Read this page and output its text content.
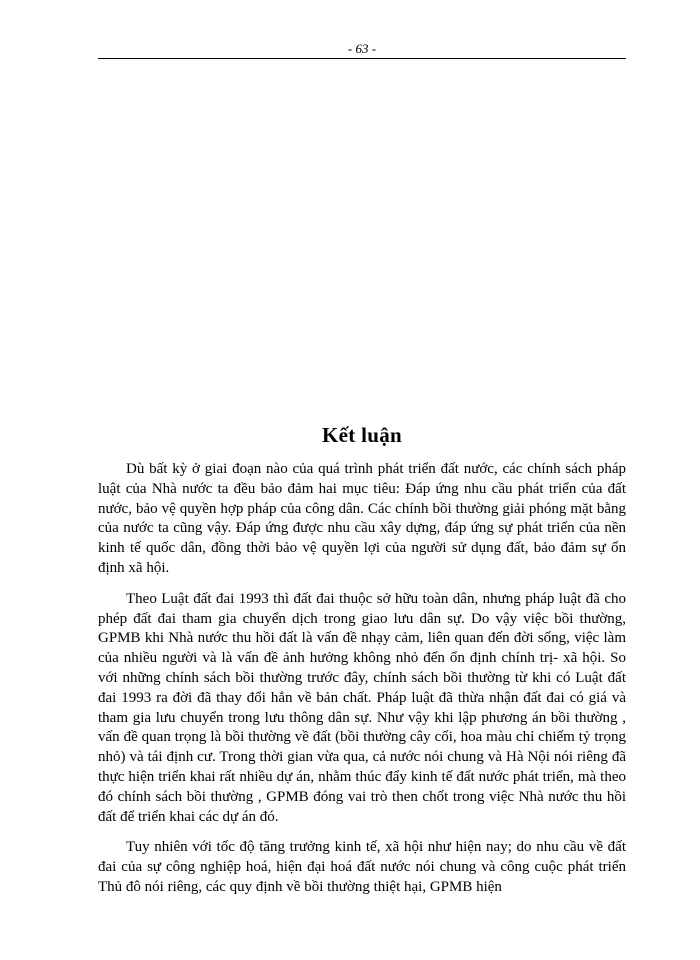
- 63 -
Kết luận

Dù bất kỳ ở giai đoạn nào của quá trình phát triển đất nước, các chính sách pháp luật của Nhà nước ta đều bảo đảm hai mục tiêu: Đáp ứng nhu cầu phát triển của đất nước, bảo vệ quyền hợp pháp của công dân. Các chính bồi thường giải phóng mặt bằng của nước ta cũng vậy. Đáp ứng được nhu cầu xây dựng, đáp ứng sự phát triển của nền kinh tế quốc dân, đồng thời bảo vệ quyền lợi của người sử dụng đất, bảo đảm sự ổn định xã hội.

Theo Luật đất đai 1993 thì đất đai thuộc sở hữu toàn dân, nhưng pháp luật đã cho phép đất đai tham gia chuyển dịch trong giao lưu dân sự. Do vậy việc bồi thường, GPMB khi Nhà nước thu hồi đất là vấn đề nhạy cảm, liên quan đến đời sống, việc làm của nhiều người và là vấn đề ảnh hưởng không nhỏ đến ổn định chính trị- xã hội. So với những chính sách bồi thường trước đây, chính sách bồi thường từ khi có Luật đất đai 1993 ra đời đã thay đổi hẳn về bản chất. Pháp luật đã thừa nhận đất đai có giá và tham gia lưu chuyển trong lưu thông dân sự. Như vậy khi lập phương án bồi thường , vấn đề quan trọng là bồi thường về đất (bồi thường cây cối, hoa màu chỉ chiếm tỷ trọng nhỏ) và tái định cư. Trong thời gian vừa qua, cả nước nói chung và Hà Nội nói riêng đã thực hiện triển khai rất nhiều dự án, nhằm thúc đẩy kinh tế đất nước phát triển, mà theo đó chính sách bồi thường , GPMB đóng vai trò then chốt trong việc Nhà nước thu hồi đất để triển khai các dự án đó.

Tuy nhiên với tốc độ tăng trưởng kinh tế, xã hội như hiện nay; do nhu cầu về đất đai của sự công nghiệp hoá, hiện đại hoá đất nước nói chung và công cuộc phát triển Thủ đô nói riêng, các quy định về bồi thường thiệt hại, GPMB hiện
